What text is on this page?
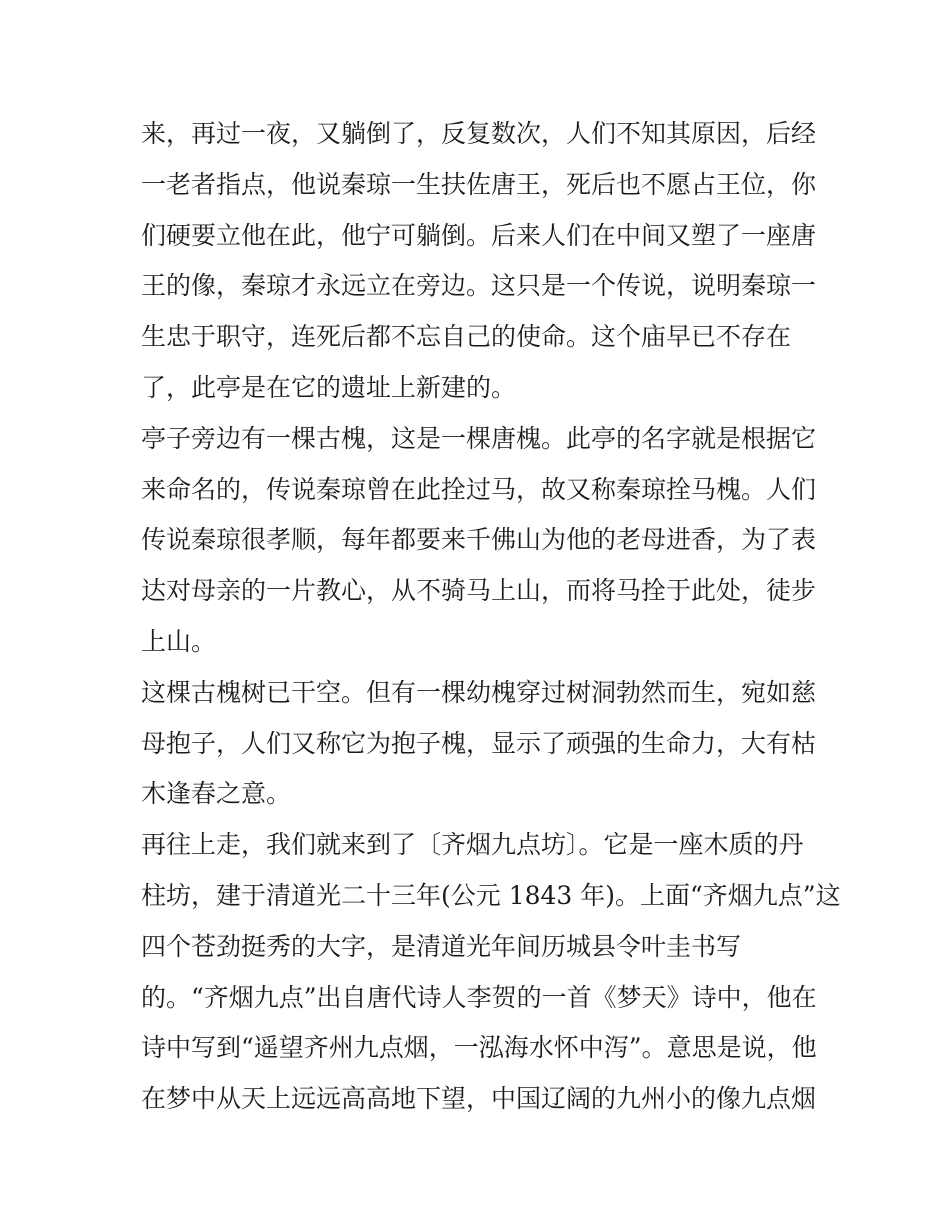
来，再过一夜，又躺倒了，反复数次，人们不知其原因，后经
一老者指点，他说秦琼一生扶佐唐王，死后也不愿占王位，你
们硬要立他在此，他宁可躺倒。后来人们在中间又塑了一座唐
王的像，秦琼才永远立在旁边。这只是一个传说，说明秦琼一
生忠于职守，连死后都不忘自己的使命。这个庙早已不存在
了，此亭是在它的遗址上新建的。
亭子旁边有一棵古槐，这是一棵唐槐。此亭的名字就是根据它
来命名的，传说秦琼曾在此拴过马，故又称秦琼拴马槐。人们
传说秦琼很孝顺，每年都要来千佛山为他的老母进香，为了表
达对母亲的一片教心，从不骑马上山，而将马拴于此处，徒步
上山。
这棵古槐树已干空。但有一棵幼槐穿过树洞勃然而生，宛如慈
母抱子，人们又称它为抱子槐，显示了顽强的生命力，大有枯
木逢春之意。
再往上走，我们就来到了〔齐烟九点坊〕。它是一座木质的丹
柱坊，建于清道光二十三年(公元 1843 年)。上面“齐烟九点”这
四个苍劲挺秀的大字，是清道光年间历城县令叶圭书写
的。“齐烟九点”出自唐代诗人李贺的一首《梦天》诗中，他在
诗中写到“遥望齐州九点烟，一泓海水怀中泻”。意思是说，他
在梦中从天上远远高高地下望，中国辽阔的九州小的像九点烟
